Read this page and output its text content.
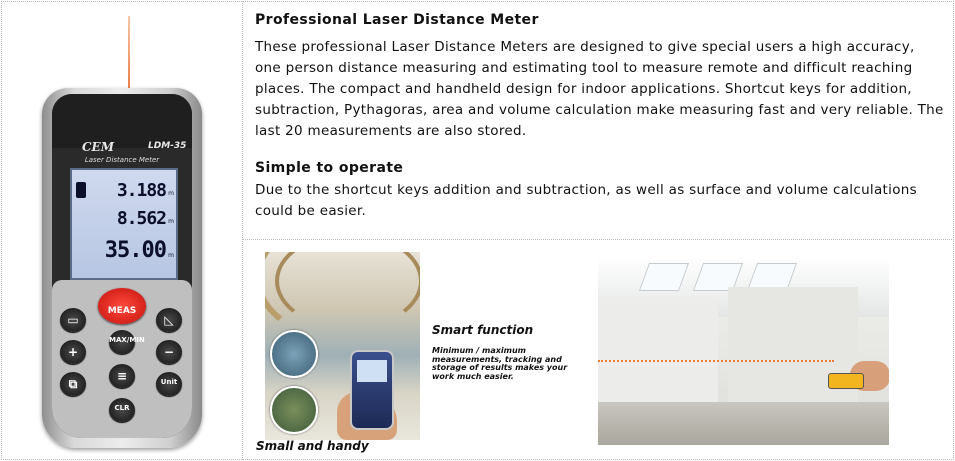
CEM	LDM-35
Laser Distance Meter
3.188 m
8.562 m
35.00 m
MEAS
▭
MAX/MIN
◺
+	−
⧉
≡	Unit
CLR
Professional Laser Distance Meter

These professional Laser Distance Meters are designed to give special users a high accuracy, one person distance measuring and estimating tool to measure remote and difficult reaching places. The compact and handheld design for indoor applications. Shortcut keys for addition, subtraction, Pythagoras, area and volume calculation make measuring fast and very reliable. The last 20 measurements are also stored.

Simple to operate

Due to the shortcut keys addition and subtraction, as well as surface and volume calculations could be easier.

Smart function
Minimum / maximum measurements, tracking and storage of results makes your work much easier.
Small and handy
